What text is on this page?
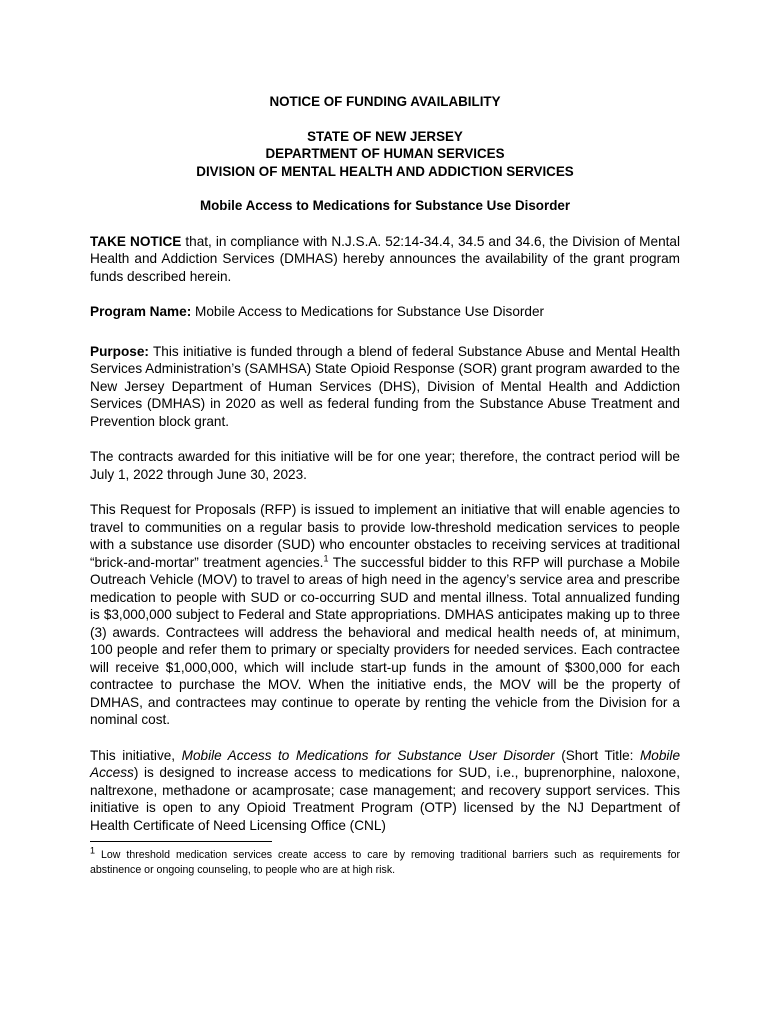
NOTICE OF FUNDING AVAILABILITY
STATE OF NEW JERSEY
DEPARTMENT OF HUMAN SERVICES
DIVISION OF MENTAL HEALTH AND ADDICTION SERVICES
Mobile Access to Medications for Substance Use Disorder

TAKE NOTICE that, in compliance with N.J.S.A. 52:14-34.4, 34.5 and 34.6, the Division of Mental Health and Addiction Services (DMHAS) hereby announces the availability of the grant program funds described herein.

Program Name: Mobile Access to Medications for Substance Use Disorder

Purpose: This initiative is funded through a blend of federal Substance Abuse and Mental Health Services Administration’s (SAMHSA) State Opioid Response (SOR) grant program awarded to the New Jersey Department of Human Services (DHS), Division of Mental Health and Addiction Services (DMHAS) in 2020 as well as federal funding from the Substance Abuse Treatment and Prevention block grant.

The contracts awarded for this initiative will be for one year; therefore, the contract period will be July 1, 2022 through June 30, 2023.

This Request for Proposals (RFP) is issued to implement an initiative that will enable agencies to travel to communities on a regular basis to provide low-threshold medication services to people with a substance use disorder (SUD) who encounter obstacles to receiving services at traditional “brick-and-mortar” treatment agencies.$^1$ The successful bidder to this RFP will purchase a Mobile Outreach Vehicle (MOV) to travel to areas of high need in the agency’s service area and prescribe medication to people with SUD or co-occurring SUD and mental illness. Total annualized funding is $3,000,000 subject to Federal and State appropriations. DMHAS anticipates making up to three (3) awards. Contractees will address the behavioral and medical health needs of, at minimum, 100 people and refer them to primary or specialty providers for needed services. Each contractee will receive $1,000,000, which will include start-up funds in the amount of $300,000 for each contractee to purchase the MOV. When the initiative ends, the MOV will be the property of DMHAS, and contractees may continue to operate by renting the vehicle from the Division for a nominal cost.

This initiative, Mobile Access to Medications for Substance User Disorder (Short Title: Mobile Access) is designed to increase access to medications for SUD, i.e., buprenorphine, naloxone, naltrexone, methadone or acamprosate; case management; and recovery support services. This initiative is open to any Opioid Treatment Program (OTP) licensed by the NJ Department of Health Certificate of Need Licensing Office (CNL)

$^1$ Low threshold medication services create access to care by removing traditional barriers such as requirements for abstinence or ongoing counseling, to people who are at high risk.
